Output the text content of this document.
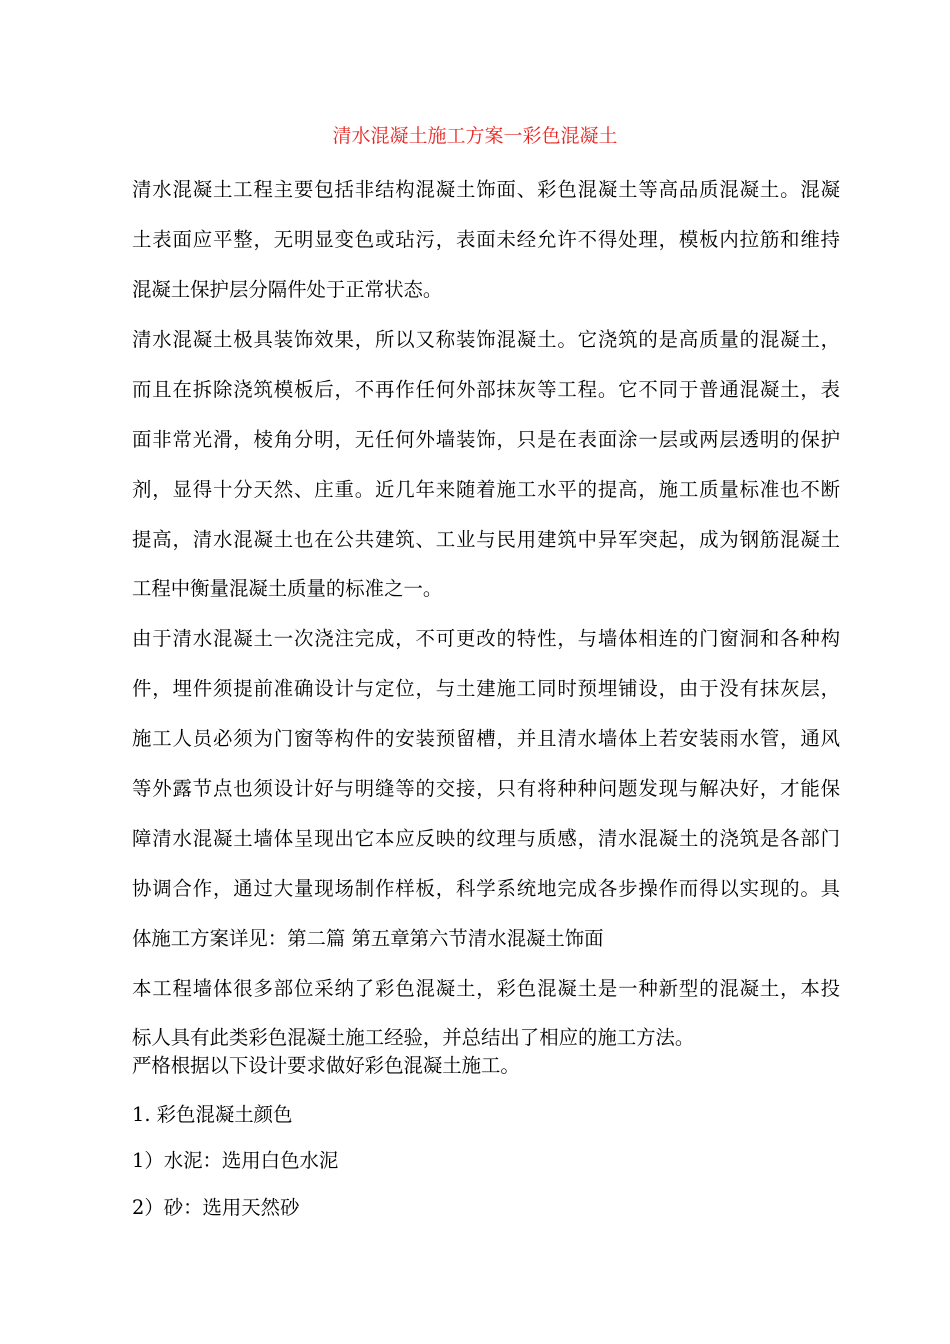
清水混凝土施工方案一彩色混凝土
清水混凝土工程主要包括非结构混凝土饰面、彩色混凝土等高品质混凝土。混凝
土表面应平整，无明显变色或玷污，表面未经允许不得处理，模板内拉筋和维持
混凝土保护层分隔件处于正常状态。
清水混凝土极具装饰效果，所以又称装饰混凝土。它浇筑的是高质量的混凝土，
而且在拆除浇筑模板后，不再作任何外部抹灰等工程。它不同于普通混凝土，表
面非常光滑，棱角分明，无任何外墙装饰，只是在表面涂一层或两层透明的保护
剂，显得十分天然、庄重。近几年来随着施工水平的提高，施工质量标准也不断
提高，清水混凝土也在公共建筑、工业与民用建筑中异军突起，成为钢筋混凝土
工程中衡量混凝土质量的标准之一。
由于清水混凝土一次浇注完成，不可更改的特性，与墙体相连的门窗洞和各种构
件，埋件须提前准确设计与定位，与土建施工同时预埋铺设，由于没有抹灰层，
施工人员必须为门窗等构件的安装预留槽，并且清水墙体上若安装雨水管，通风
等外露节点也须设计好与明缝等的交接，只有将种种问题发现与解决好，才能保
障清水混凝土墙体呈现出它本应反映的纹理与质感，清水混凝土的浇筑是各部门
协调合作，通过大量现场制作样板，科学系统地完成各步操作而得以实现的。具
体施工方案详见：第二篇 第五章第六节清水混凝土饰面
本工程墙体很多部位采纳了彩色混凝土，彩色混凝土是一种新型的混凝土，本投
标人具有此类彩色混凝土施工经验，并总结出了相应的施工方法。
严格根据以下设计要求做好彩色混凝土施工。
1. 彩色混凝土颜色
1）水泥：选用白色水泥
2）砂：选用天然砂
